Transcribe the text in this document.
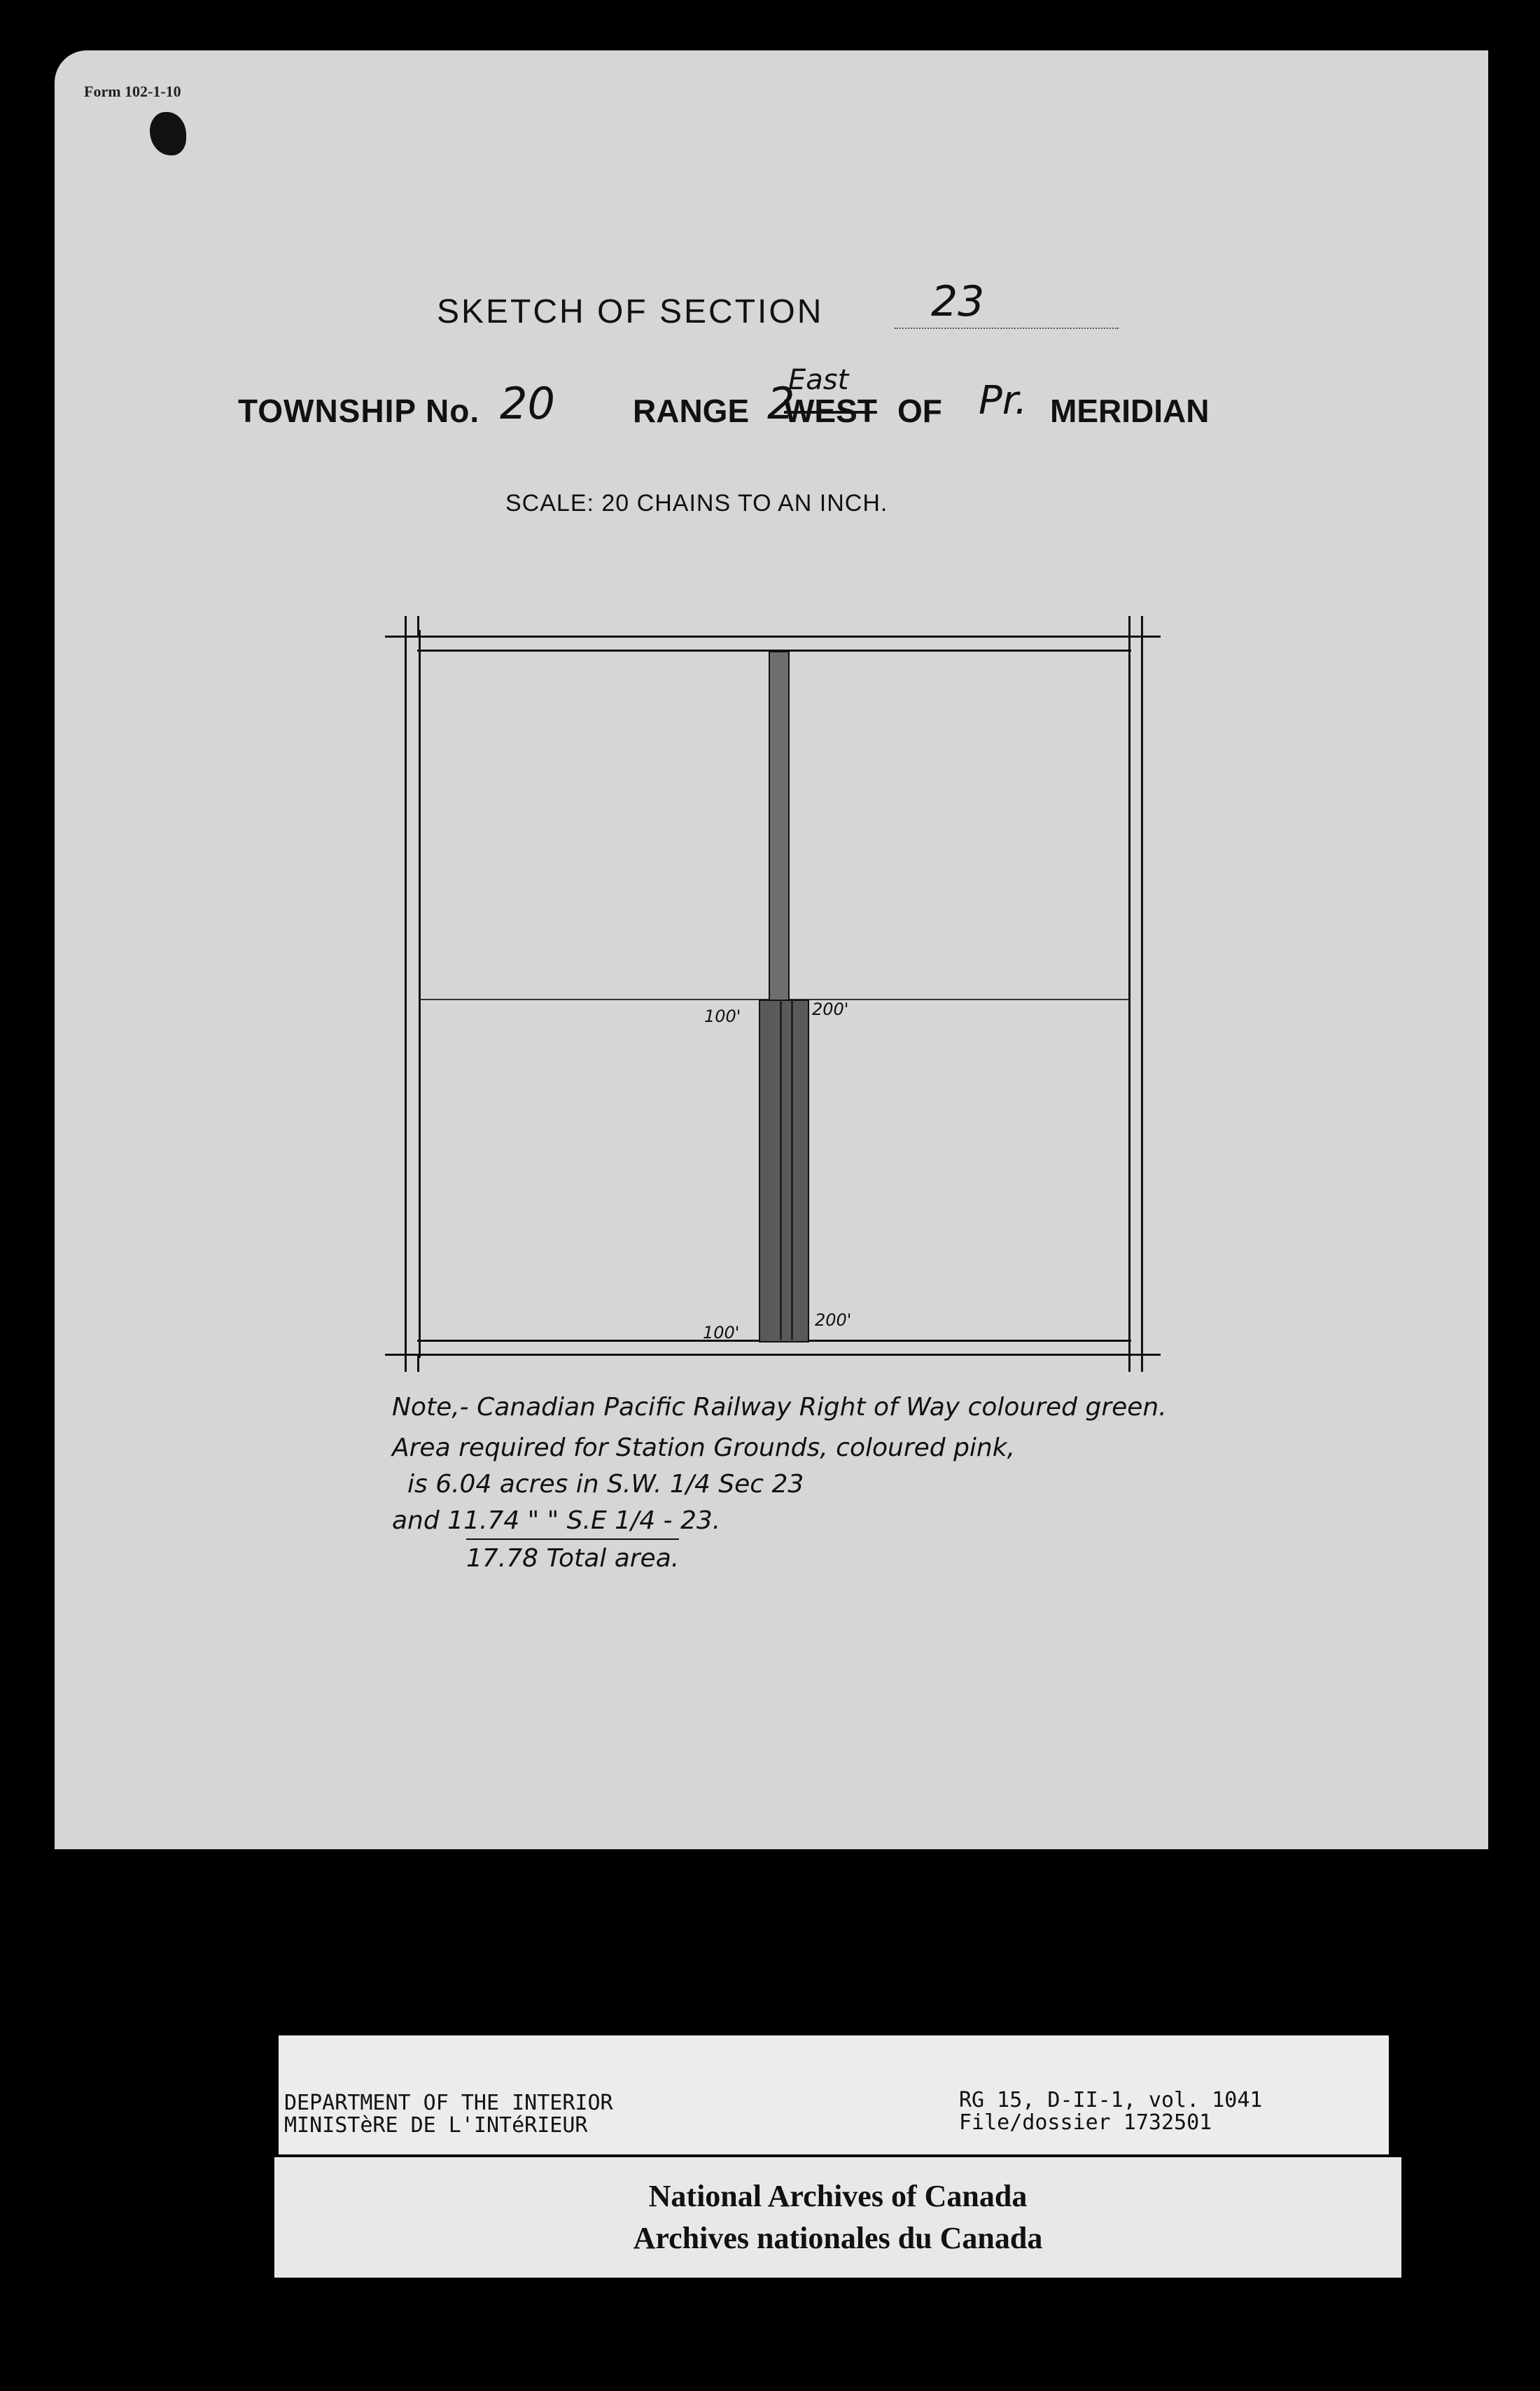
Form 102-1-10
SKETCH OF SECTION	23
TOWNSHIP No. 20 RANGE 2
East
WEST OF Pr. MERIDIAN
SCALE: 20 CHAINS TO AN INCH.
100'	200'
100'
200'
Note,- Canadian Pacific Railway Right of Way coloured green.
Area required for Station Grounds, coloured pink,
is 6.04 acres in S.W. 1/4 Sec 23
and 11.74 " " S.E 1/4 - 23.
17.78 Total area.
DEPARTMENT OF THE INTERIOR
MINISTèRE DE L'INTéRIEUR
RG 15, D-II-1, vol. 1041
File/dossier 1732501
National Archives of Canada
Archives nationales du Canada
